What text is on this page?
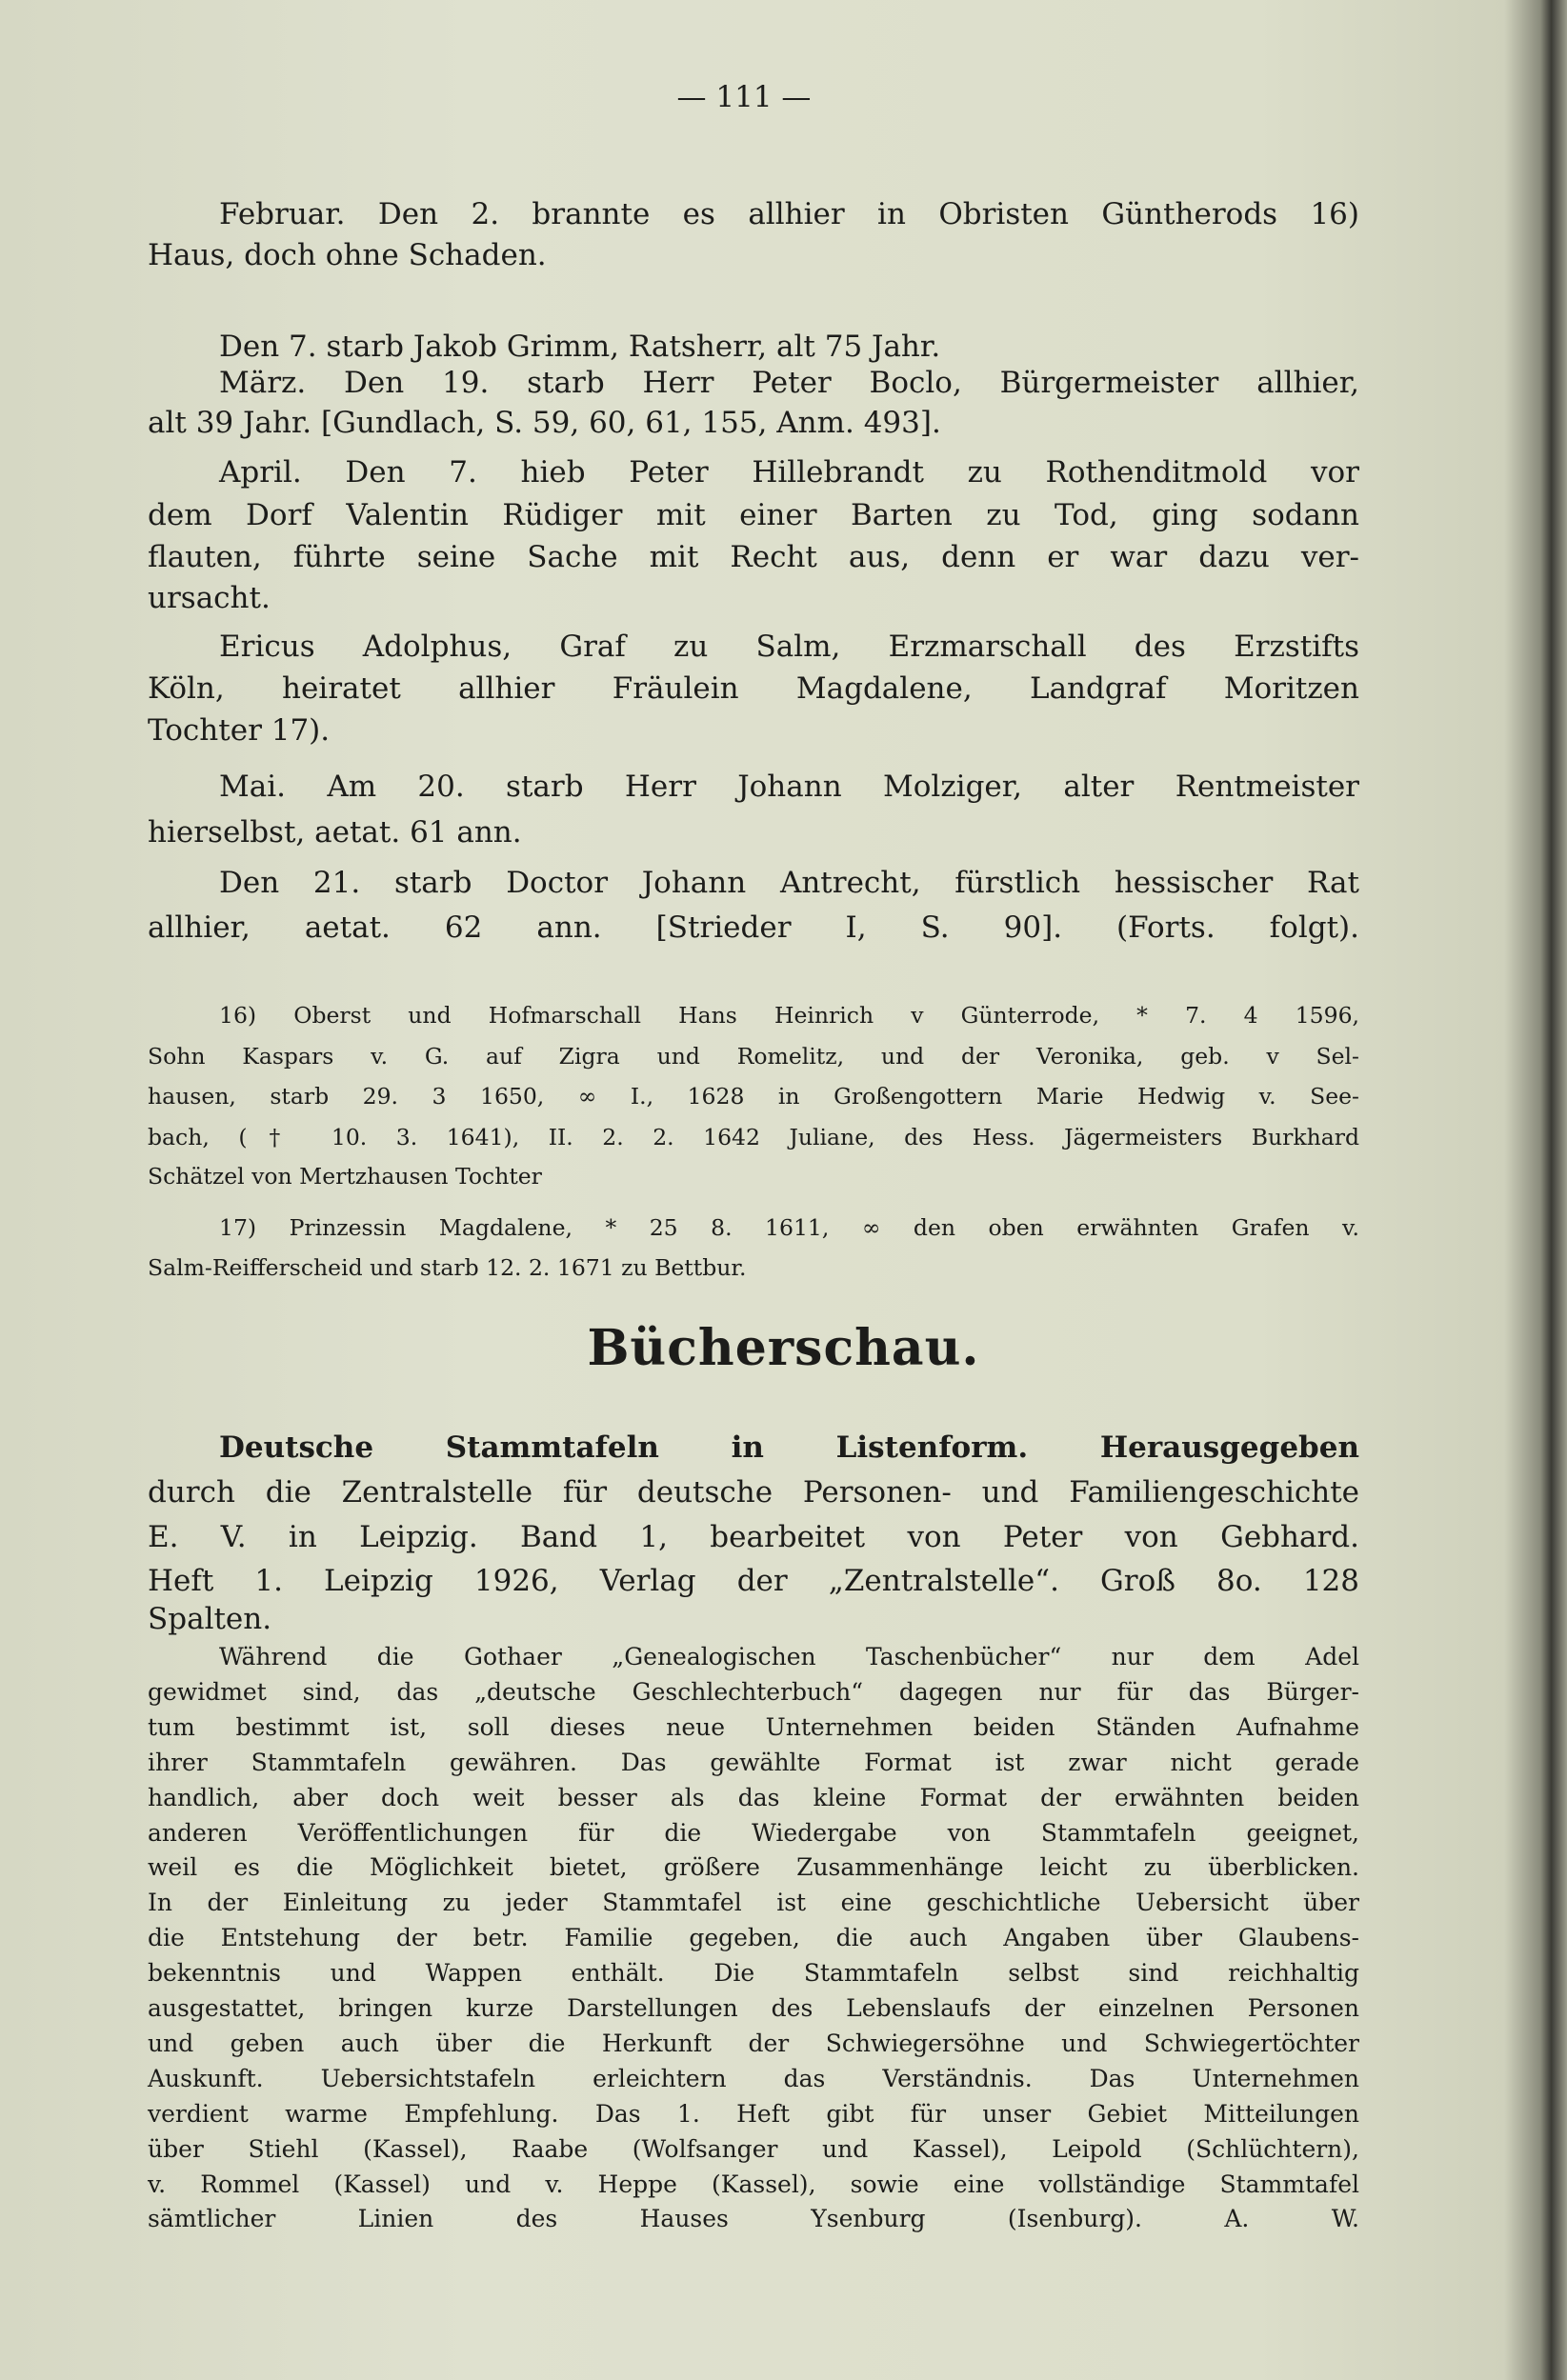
— 111 —
Februar. Den 2. brannte es allhier in Obristen Güntherods 16)
Haus, doch ohne Schaden.
Den 7. starb Jakob Grimm, Ratsherr, alt 75 Jahr.
März. Den 19. starb Herr Peter Boclo, Bürgermeister allhier,
alt 39 Jahr. [Gundlach, S. 59, 60, 61, 155, Anm. 493].
April. Den 7. hieb Peter Hillebrandt zu Rothenditmold vor
dem Dorf Valentin Rüdiger mit einer Barten zu Tod, ging sodann
flauten, führte seine Sache mit Recht aus, denn er war dazu ver-
ursacht.
Ericus Adolphus, Graf zu Salm, Erzmarschall des Erzstifts
Köln, heiratet allhier Fräulein Magdalene, Landgraf Moritzen
Tochter 17).
Mai. Am 20. starb Herr Johann Molziger, alter Rentmeister
hierselbst, aetat. 61 ann.
Den 21. starb Doctor Johann Antrecht, fürstlich hessischer Rat
allhier, aetat. 62 ann. [Strieder I, S. 90]. (Forts. folgt).
16) Oberst und Hofmarschall Hans Heinrich v Günterrode, * 7. 4 1596,
Sohn Kaspars v. G. auf Zigra und Romelitz, und der Veronika, geb. v Sel-
hausen, starb 29. 3 1650, ∞ I., 1628 in Großengottern Marie Hedwig v. See-
bach, († 10. 3. 1641), II. 2. 2. 1642 Juliane, des Hess. Jägermeisters Burkhard
Schätzel von Mertzhausen Tochter
17) Prinzessin Magdalene, * 25 8. 1611, ∞ den oben erwähnten Grafen v.
Salm-Reifferscheid und starb 12. 2. 1671 zu Bettbur.
Bücherschau.
Deutsche Stammtafeln in Listenform. Herausgegeben
durch die Zentralstelle für deutsche Personen- und Familiengeschichte
E. V. in Leipzig. Band 1, bearbeitet von Peter von Gebhard.
Heft 1. Leipzig 1926, Verlag der „Zentralstelle“. Groß 8o. 128
Spalten.
Während die Gothaer „Genealogischen Taschenbücher“ nur dem Adel
gewidmet sind, das „deutsche Geschlechterbuch“ dagegen nur für das Bürger-
tum bestimmt ist, soll dieses neue Unternehmen beiden Ständen Aufnahme
ihrer Stammtafeln gewähren. Das gewählte Format ist zwar nicht gerade
handlich, aber doch weit besser als das kleine Format der erwähnten beiden
anderen Veröffentlichungen für die Wiedergabe von Stammtafeln geeignet,
weil es die Möglichkeit bietet, größere Zusammenhänge leicht zu überblicken.
In der Einleitung zu jeder Stammtafel ist eine geschichtliche Uebersicht über
die Entstehung der betr. Familie gegeben, die auch Angaben über Glaubens-
bekenntnis und Wappen enthält. Die Stammtafeln selbst sind reichhaltig
ausgestattet, bringen kurze Darstellungen des Lebenslaufs der einzelnen Personen
und geben auch über die Herkunft der Schwiegersöhne und Schwiegertöchter
Auskunft. Uebersichtstafeln erleichtern das Verständnis. Das Unternehmen
verdient warme Empfehlung. Das 1. Heft gibt für unser Gebiet Mitteilungen
über Stiehl (Kassel), Raabe (Wolfsanger und Kassel), Leipold (Schlüchtern),
v. Rommel (Kassel) und v. Heppe (Kassel), sowie eine vollständige Stammtafel
sämtlicher Linien des Hauses Ysenburg (Isenburg). A. W.
